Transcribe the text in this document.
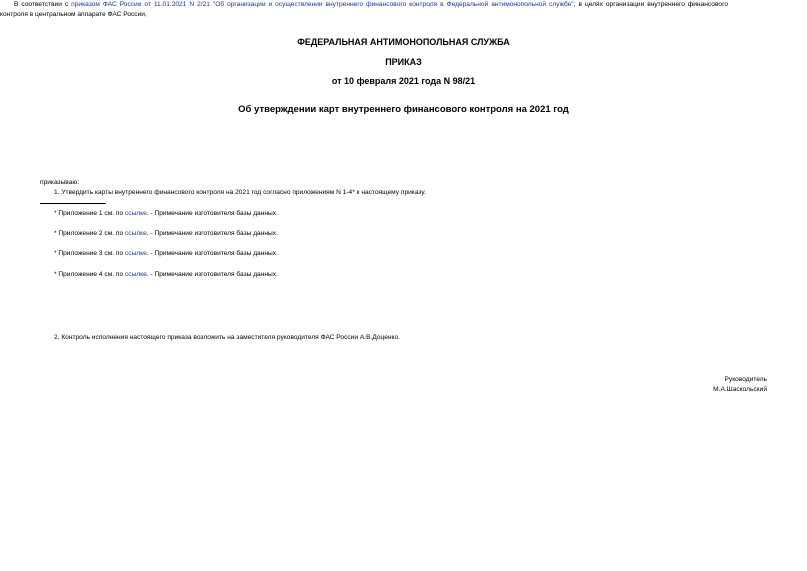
ФЕДЕРАЛЬНАЯ АНТИМОНОПОЛЬНАЯ СЛУЖБА
ПРИКАЗ
от 10 февраля 2021 года N 98/21
Об утверждении карт внутреннего финансового контроля на 2021 год
В соответствии с приказом ФАС России от 11.01.2021 N 2/21 "Об организации и осуществлении внутреннего финансового контроля в Федеральной антимонопольной службе", в целях организации внутреннего финансового контроля в центральном аппарате ФАС России,
приказываю:
1. Утвердить карты внутреннего финансового контроля на 2021 год согласно приложениям N 1-4* к настоящему приказу.
* Приложение 1 см. по ссылке. - Примечание изготовителя базы данных.
* Приложение 2 см. по ссылке. - Примечание изготовителя базы данных.
* Приложение 3 см. по ссылке. - Примечание изготовителя базы данных.
* Приложение 4 см. по ссылке. - Примечание изготовителя базы данных.
2. Контроль исполнения настоящего приказа возложить на заместителя руководителя ФАС России А.В.Доценко.
Руководитель
М.А.Шаскольский
